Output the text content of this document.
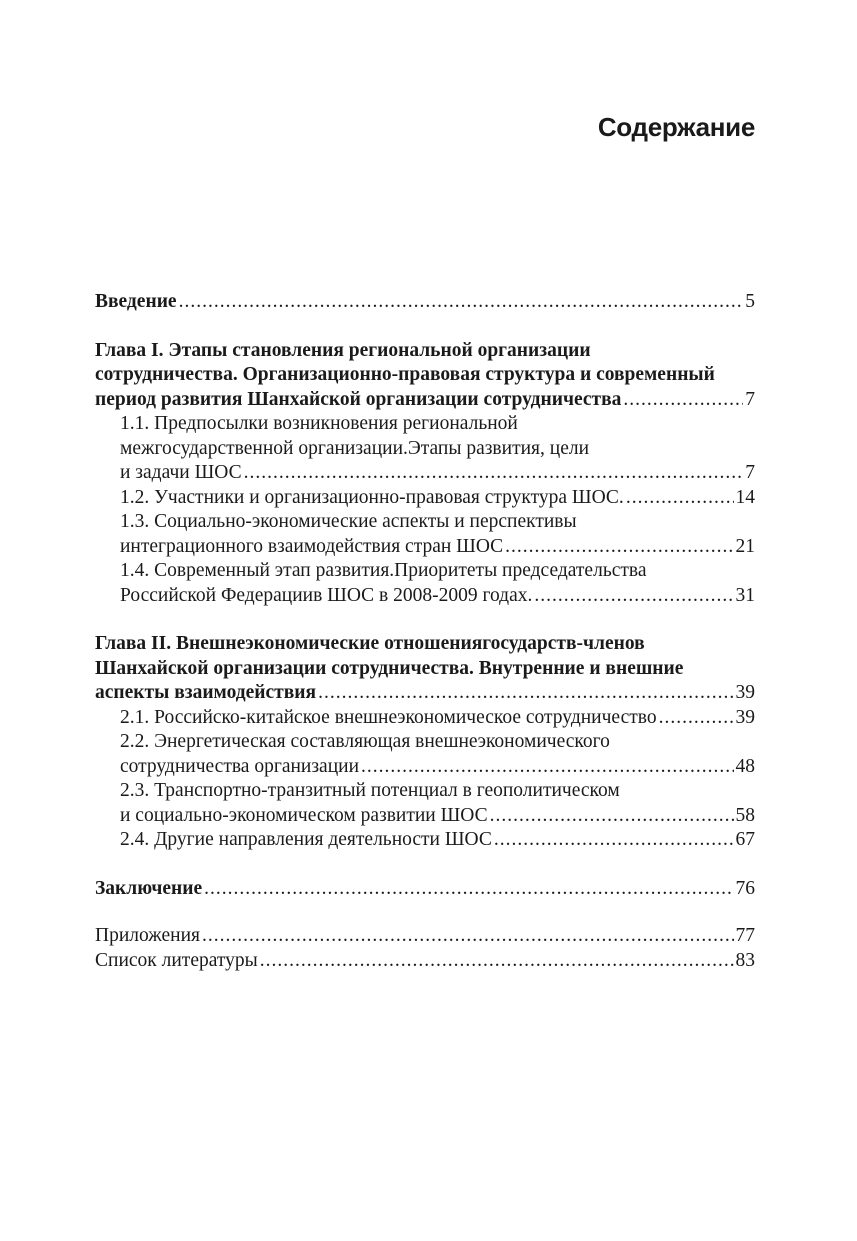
Содержание
Введение .....	5
Глава I. Этапы становления региональной организации
сотрудничества. Организационно-правовая структура и современный
период развития Шанхайской организации сотрудничества .....	7
1.1. Предпосылки возникновения региональной
межгосударственной организации.Этапы развития, цели
и задачи ШОС .....	7
1.2. Участники и организационно-правовая структура ШОС. .....	14
1.3. Социально-экономические аспекты и перспективы
интеграционного взаимодействия стран ШОС .....	21
1.4. Современный этап развития.Приоритеты председательства
Российской Федерациив ШОС в 2008-2009 годах. .....	31
Глава II. Внешнеэкономические отношениягосударств-членов
Шанхайской организации сотрудничества. Внутренние и внешние
аспекты взаимодействия .....	39
2.1. Российско-китайское внешнеэкономическое сотрудничество .....	39
2.2. Энергетическая составляющая внешнеэкономического
сотрудничества организации .....	48
2.3. Транспортно-транзитный потенциал в геополитическом
и социально-экономическом развитии ШОС .....	58
2.4. Другие направления деятельности ШОС .....	67
Заключение .....	76
Приложения .....	77
Список литературы .....	83
